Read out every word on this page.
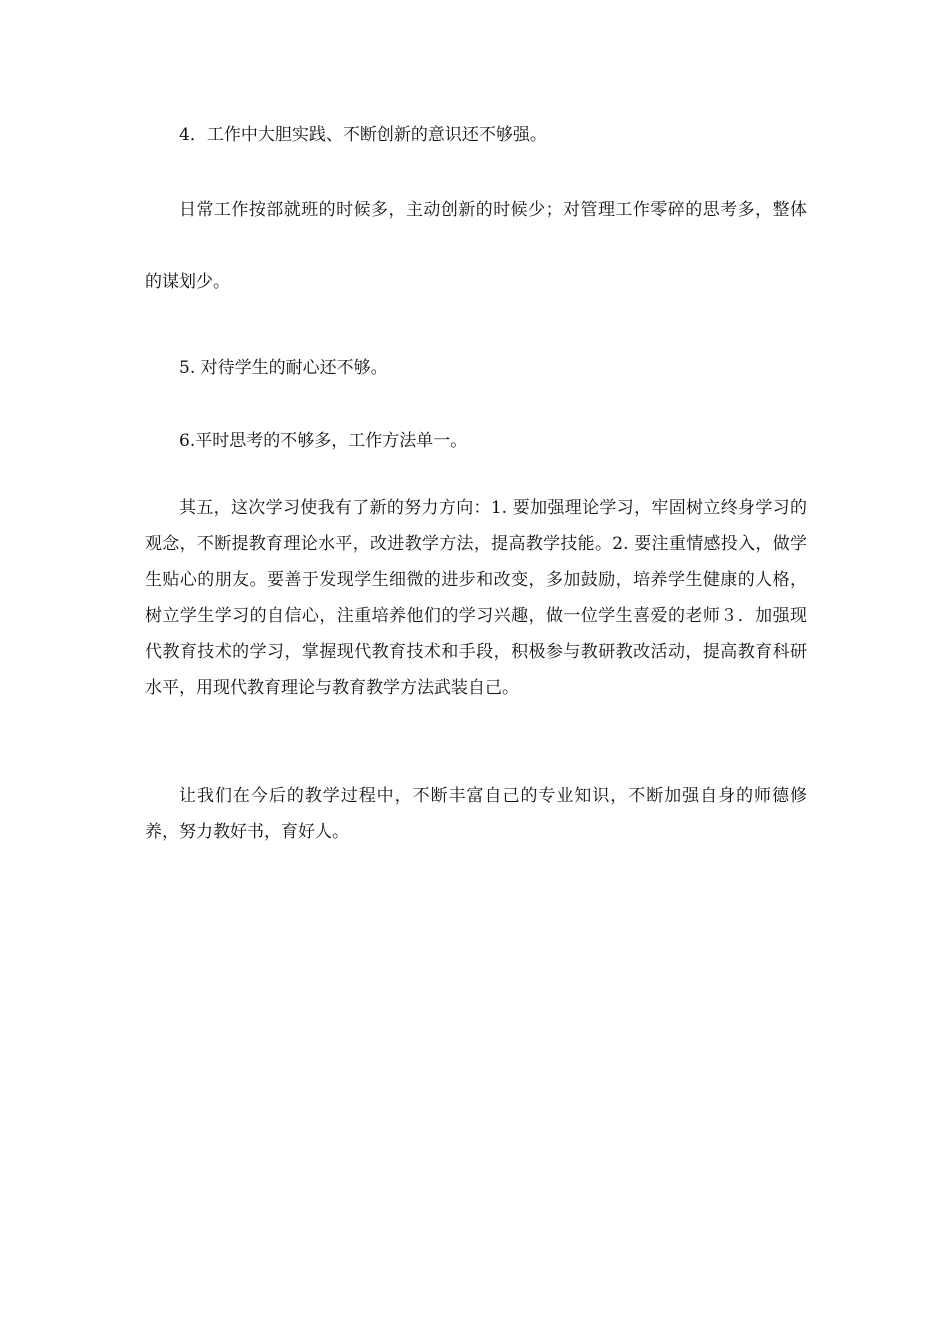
4．工作中大胆实践、不断创新的意识还不够强。

日常工作按部就班的时候多，主动创新的时候少；对管理工作零碎的思考多，整体的谋划少。

5. 对待学生的耐心还不够。

6.平时思考的不够多，工作方法单一。

其五，这次学习使我有了新的努力方向：1. 要加强理论学习，牢固树立终身学习的观念，不断提教育理论水平，改进教学方法，提高教学技能。2. 要注重情感投入，做学生贴心的朋友。要善于发现学生细微的进步和改变，多加鼓励，培养学生健康的人格，树立学生学习的自信心，注重培养他们的学习兴趣，做一位学生喜爱的老师３．加强现代教育技术的学习，掌握现代教育技术和手段，积极参与教研教改活动，提高教育科研水平，用现代教育理论与教育教学方法武装自己。

让我们在今后的教学过程中，不断丰富自己的专业知识，不断加强自身的师德修养，努力教好书，育好人。
